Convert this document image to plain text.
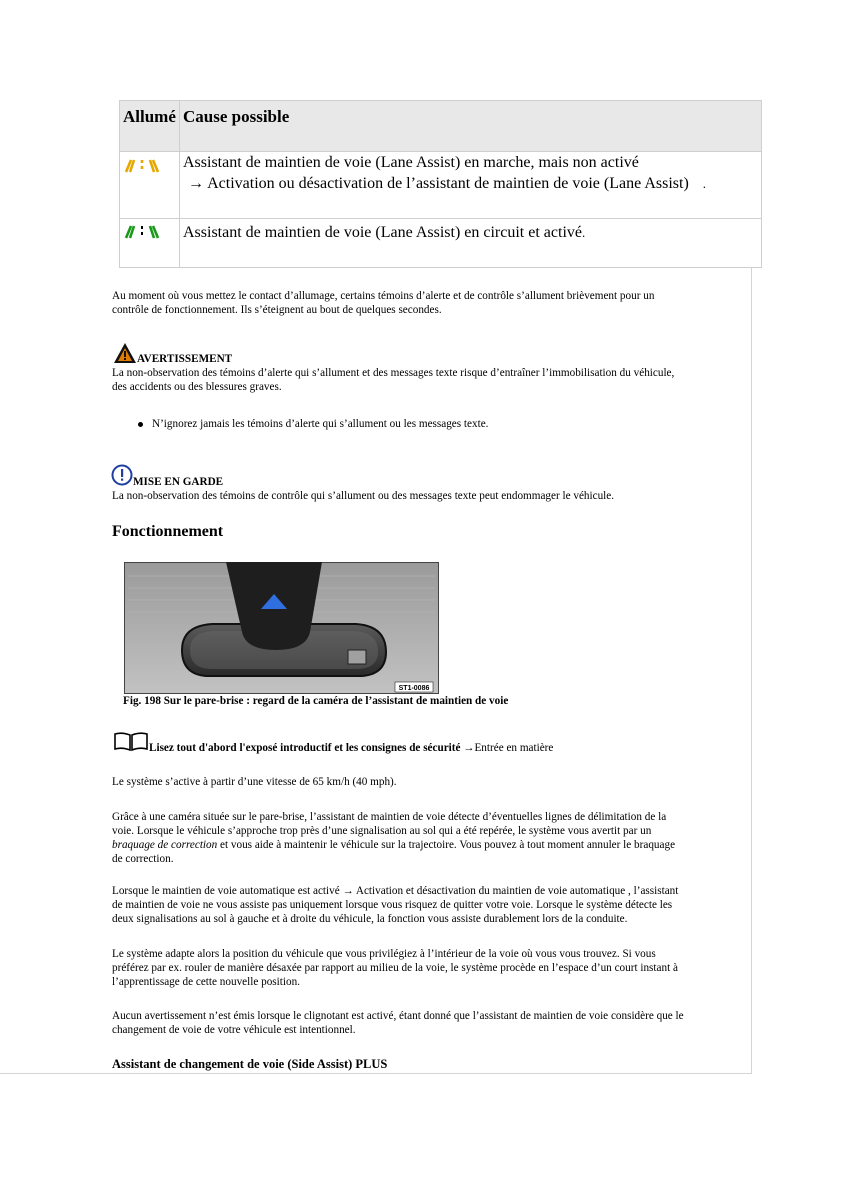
Allumé Cause possible
Assistant de maintien de voie (Lane Assist) en marche, mais non activé
→ Activation ou désactivation de l’assistant de maintien de voie (Lane Assist) .
Assistant de maintien de voie (Lane Assist) en circuit et activé.
Au moment où vous mettez le contact d’allumage, certains témoins d’alerte et de contrôle s’allument brièvement pour un
contrôle de fonctionnement. Ils s’éteignent au bout de quelques secondes.
AVERTISSEMENT
La non-observation des témoins d’alerte qui s’allument et des messages texte risque d’entraîner l’immobilisation du véhicule,
des accidents ou des blessures graves.
N’ignorez jamais les témoins d’alerte qui s’allument ou les messages texte.
MISE EN GARDE
La non-observation des témoins de contrôle qui s’allument ou des messages texte peut endommager le véhicule.
Fonctionnement
ST1-0086
Fig. 198 Sur le pare-brise : regard de la caméra de l’assistant de maintien de voie
Lisez tout d'abord l'exposé introductif et les consignes de sécurité →Entrée en matière
Le système s’active à partir d’une vitesse de 65 km/h (40 mph).
Grâce à une caméra située sur le pare-brise, l’assistant de maintien de voie détecte d’éventuelles lignes de délimitation de la
voie. Lorsque le véhicule s’approche trop près d’une signalisation au sol qui a été repérée, le système vous avertit par un
braquage de correction et vous aide à maintenir le véhicule sur la trajectoire. Vous pouvez à tout moment annuler le braquage
de correction.
Lorsque le maintien de voie automatique est activé → Activation et désactivation du maintien de voie automatique , l’assistant
de maintien de voie ne vous assiste pas uniquement lorsque vous risquez de quitter votre voie. Lorsque le système détecte les
deux signalisations au sol à gauche et à droite du véhicule, la fonction vous assiste durablement lors de la conduite.
Le système adapte alors la position du véhicule que vous privilégiez à l’intérieur de la voie où vous vous trouvez. Si vous
préférez par ex. rouler de manière désaxée par rapport au milieu de la voie, le système procède en l’espace d’un court instant à
l’apprentissage de cette nouvelle position.
Aucun avertissement n’est émis lorsque le clignotant est activé, étant donné que l’assistant de maintien de voie considère que le
changement de voie de votre véhicule est intentionnel.
Assistant de changement de voie (Side Assist) PLUS
